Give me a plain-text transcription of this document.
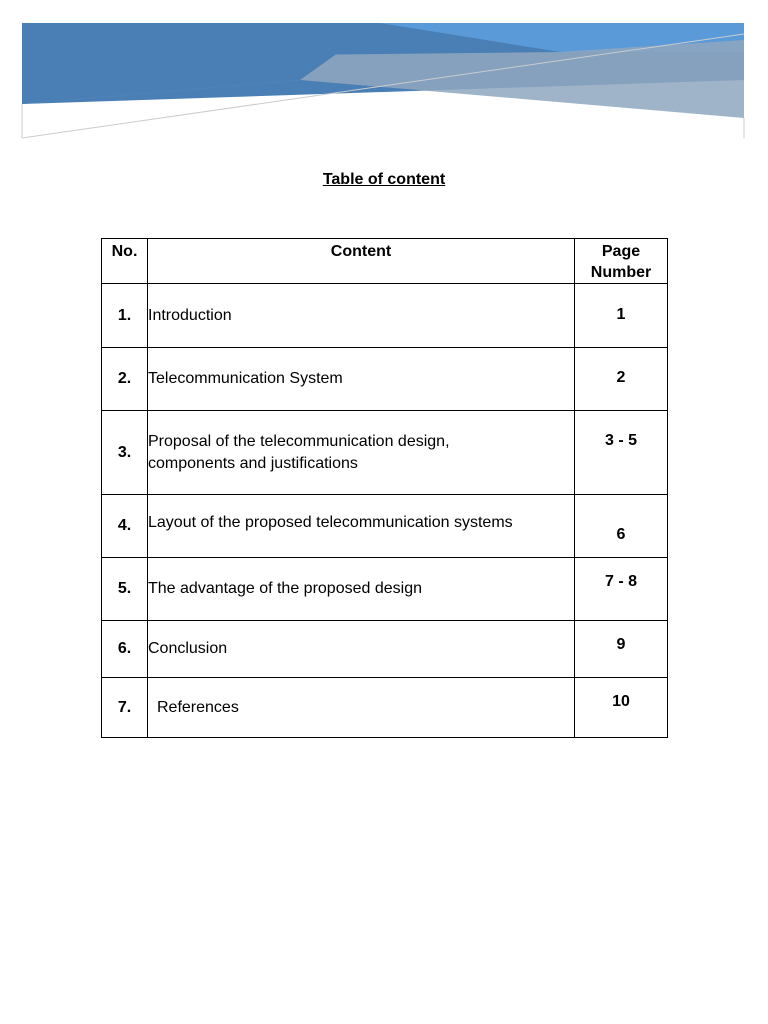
Table of content
No.	Content	Page
Number

1.	Introduction	1

2.	Telecommunication System	2

3.	Proposal of the telecommunication design,
components and justifications	3 - 5

4.	Layout of the proposed telecommunication systems	6

5.	The advantage of the proposed design	7 - 8

6.	Conclusion	9

7.	References	10
